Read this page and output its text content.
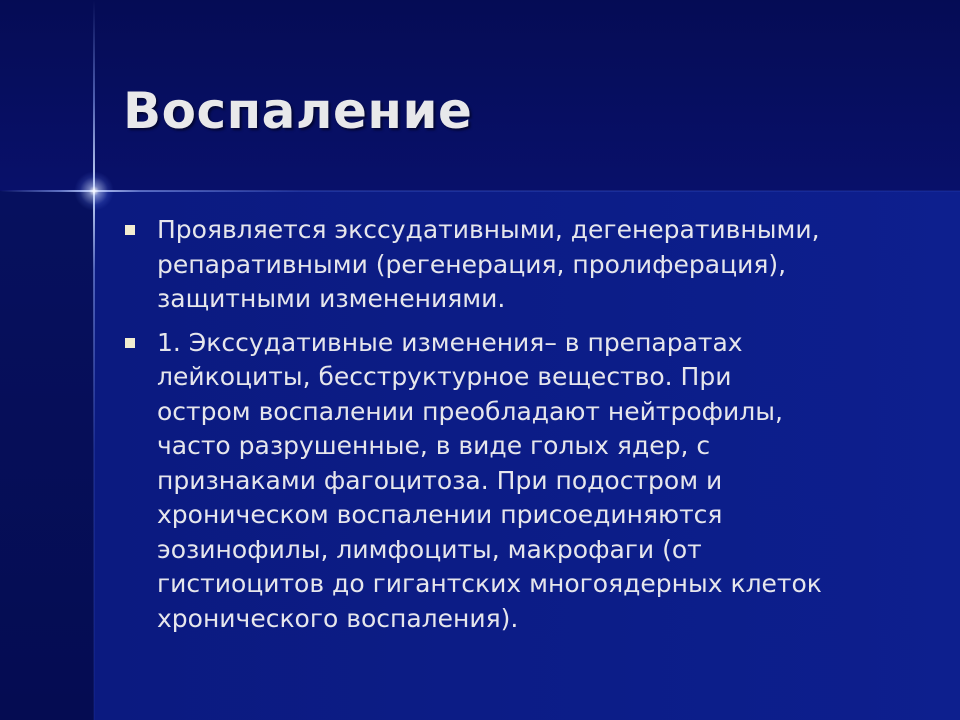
Воспаление
Проявляется экссудативными, дегенеративными,
репаративными (регенерация, пролиферация),
защитными изменениями.
1. Экссудативные изменения– в препаратах
лейкоциты, бесструктурное вещество. При
остром воспалении преобладают нейтрофилы,
часто разрушенные, в виде голых ядер, с
признаками фагоцитоза. При подостром и
хроническом воспалении присоединяются
эозинофилы, лимфоциты, макрофаги (от
гистиоцитов до гигантских многоядерных клеток
хронического воспаления).
